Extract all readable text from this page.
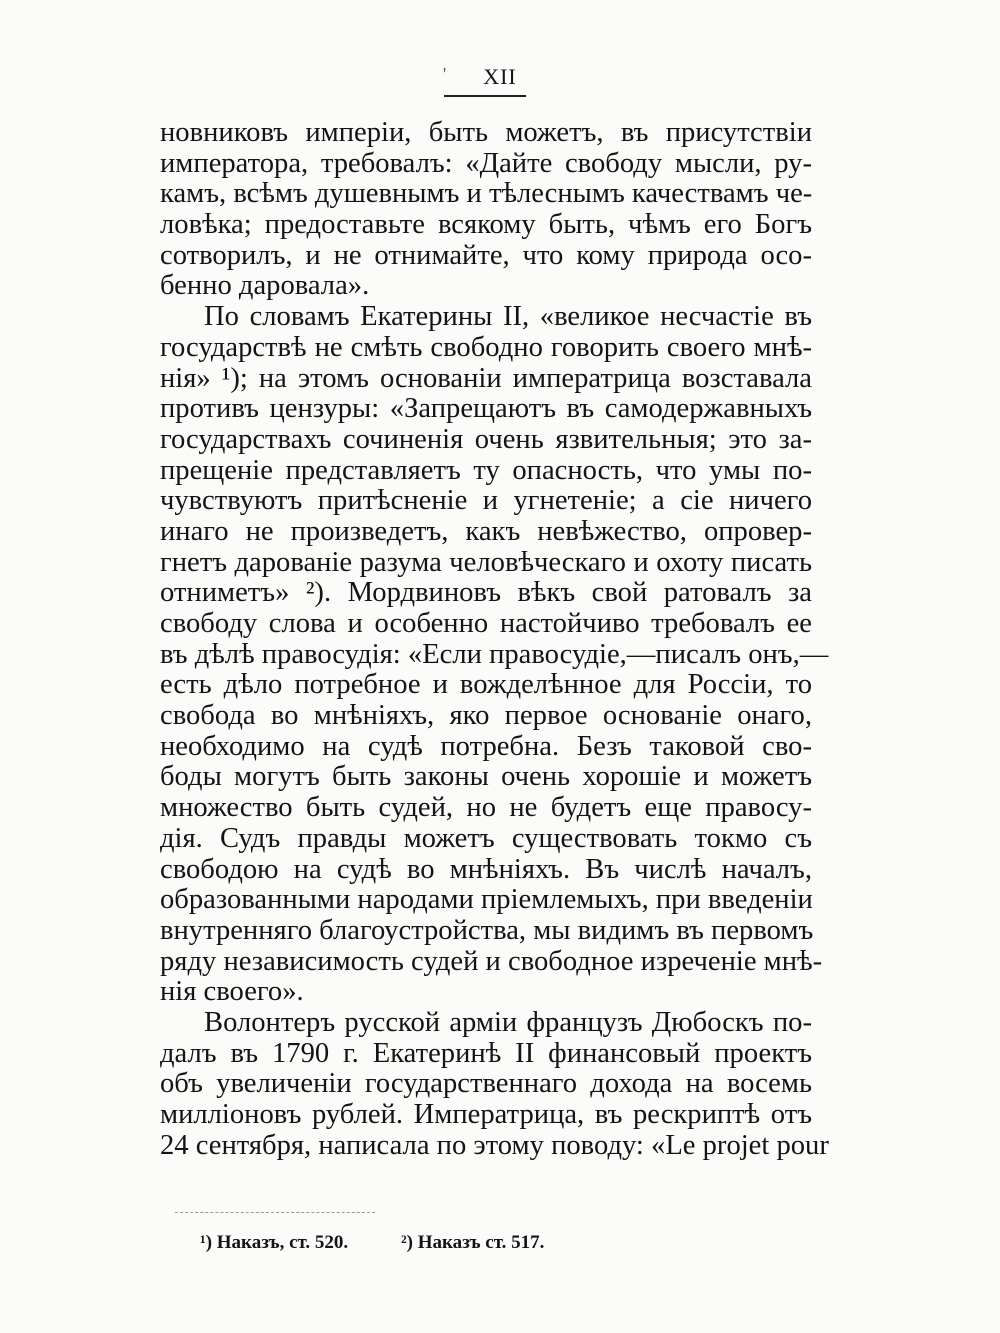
' XII
новниковъ имперіи, быть можетъ, въ присутствіи
императора, требовалъ: «Дайте свободу мысли, ру-
камъ, всѣмъ душевнымъ и тѣлеснымъ качествамъ че-
ловѣка; предоставьте всякому быть, чѣмъ его Богъ
сотворилъ, и не отнимайте, что кому природа осо-
бенно даровала».
По словамъ Екатерины II, «великое несчастіе въ
государствѣ не смѣть свободно говорить своего мнѣ-
нія» ¹); на этомъ основаніи императрица возставала
противъ цензуры: «Запрещаютъ въ самодержавныхъ
государствахъ сочиненія очень язвительныя; это за-
прещеніе представляетъ ту опасность, что умы по-
чувствуютъ притѣсненіе и угнетеніе; а сіе ничего
инаго не произведетъ, какъ невѣжество, опровер-
гнетъ дарованіе разума человѣческаго и охоту писать
отниметъ» ²). Мордвиновъ вѣкъ свой ратовалъ за
свободу слова и особенно настойчиво требовалъ ее
въ дѣлѣ правосудія: «Если правосудіе,—писалъ онъ,—
есть дѣло потребное и вожделѣнное для Россіи, то
свобода во мнѣніяхъ, яко первое основаніе онаго,
необходимо на судѣ потребна. Безъ таковой сво-
боды могутъ быть законы очень хорошіе и можетъ
множество быть судей, но не будетъ еще правосу-
дія. Судъ правды можетъ существовать токмо съ
свободою на судѣ во мнѣніяхъ. Въ числѣ началъ,
образованными народами пріемлемыхъ, при введеніи
внутренняго благоустройства, мы видимъ въ первомъ
ряду независимость судей и свободное изреченіе мнѣ-
нія своего».
Волонтеръ русской арміи французъ Дюбоскъ по-
далъ въ 1790 г. Екатеринѣ II финансовый проектъ
объ увеличеніи государственнаго дохода на восемь
милліоновъ рублей. Императрица, въ рескриптѣ отъ
24 сентября, написала по этому поводу: «Le projet pour
¹) Наказъ, ст. 520.	²) Наказъ ст. 517.
